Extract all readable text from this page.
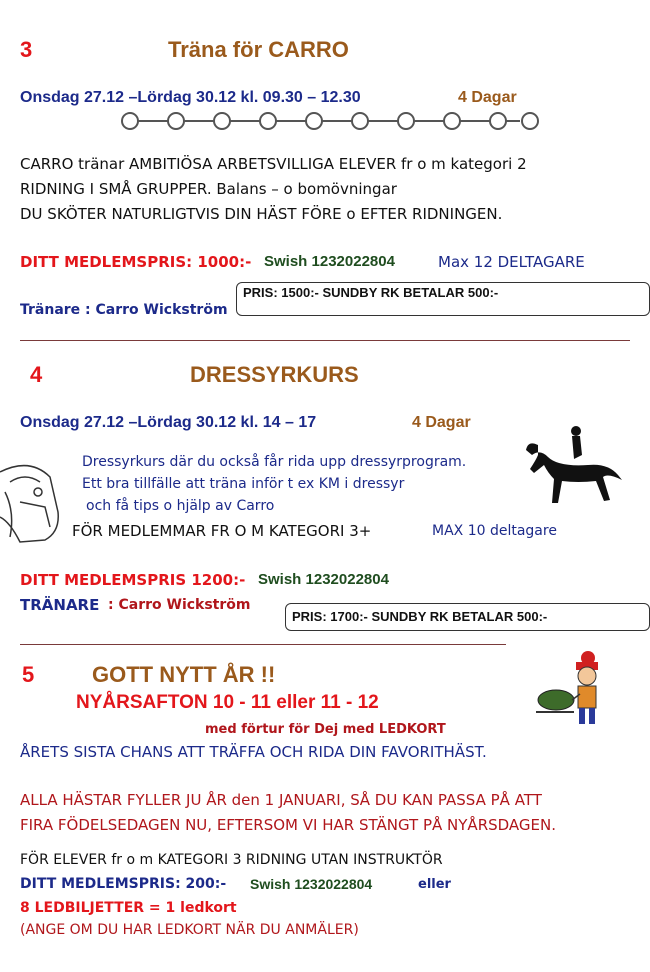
3	Träna för CARRO
Onsdag 27.12 –Lördag 30.12 kl. 09.30 – 12.30	4 Dagar
CARRO tränar AMBITIÖSA ARBETSVILLIGA ELEVER fr o m kategori 2
RIDNING I SMÅ GRUPPER. Balans – o bomövningar
DU SKÖTER NATURLIGTVIS DIN HÄST FÖRE o EFTER RIDNINGEN.
DITT MEDLEMSPRIS: 1000:- Swish 1232022804	Max 12 DELTAGARE
PRIS: 1500:- SUNDBY RK BETALAR 500:-
Tränare : Carro Wickström
4	DRESSYRKURS
Onsdag 27.12 –Lördag 30.12 kl. 14 – 17	4 Dagar
Dressyrkurs där du också får rida upp dressyrprogram.
Ett bra tillfälle att träna inför t ex KM i dressyr
och få tips o hjälp av Carro
FÖR MEDLEMMAR FR O M KATEGORI 3+	MAX 10 deltagare
DITT MEDLEMSPRIS 1200:- Swish 1232022804
TRÄNARE : Carro Wickström
PRIS: 1700:- SUNDBY RK BETALAR 500:-
5	GOTT NYTT ÅR !!
NYÅRSAFTON 10 - 11 eller 11 - 12
med förtur för Dej med LEDKORT
ÅRETS SISTA CHANS ATT TRÄFFA OCH RIDA DIN FAVORITHÄST.
ALLA HÄSTAR FYLLER JU ÅR den 1 JANUARI, SÅ DU KAN PASSA PÅ ATT
FIRA FÖDELSEDAGEN NU, EFTERSOM VI HAR STÄNGT PÅ NYÅRSDAGEN.
FÖR ELEVER fr o m KATEGORI 3 RIDNING UTAN INSTRUKTÖR
DITT MEDLEMSPRIS: 200:- Swish 1232022804	eller
8 LEDBILJETTER = 1 ledkort
(ANGE OM DU HAR LEDKORT NÄR DU ANMÄLER)
